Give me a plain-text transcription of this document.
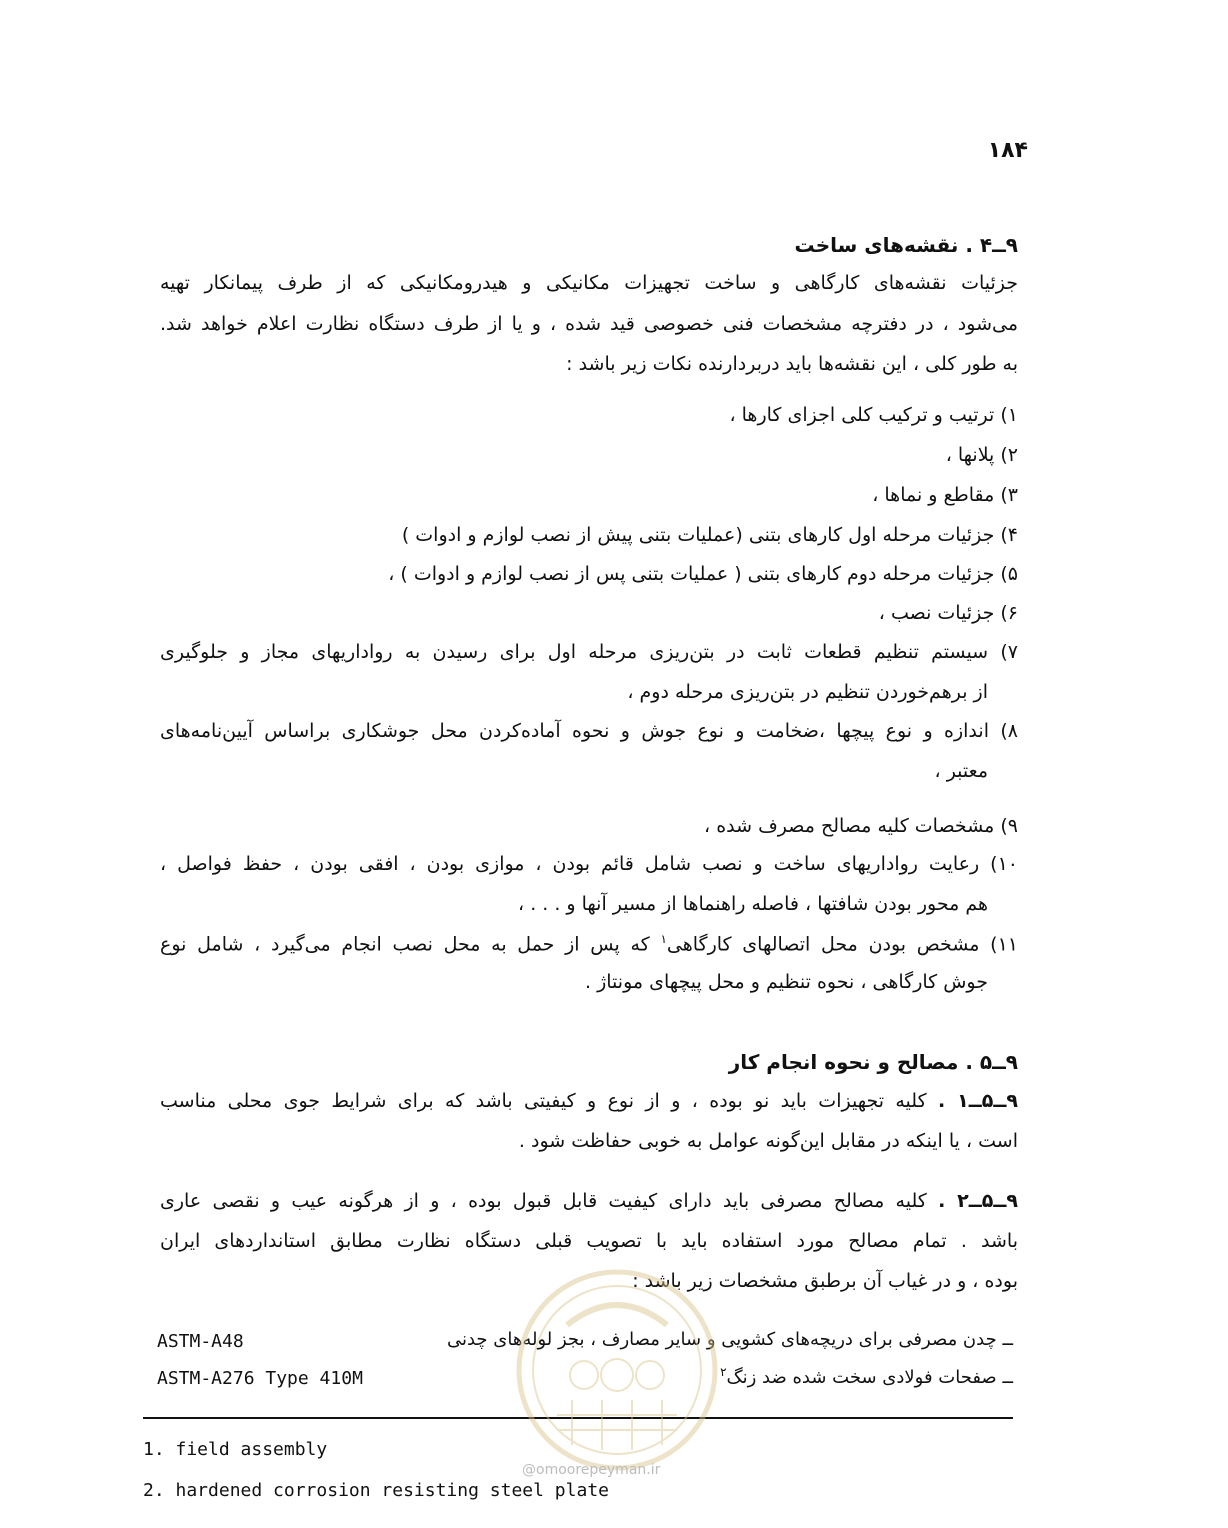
۱۸۴
۹ــ۴ . نقشه‌های ساخت
جزئیات نقشه‌های کارگاهی و ساخت تجهیزات مکانیکی و هیدرومکانیکی که از طرف پیمانکار تهیه
می‌شود ، در دفترچه مشخصات فنی خصوصی قید شده ، و یا از طرف دستگاه نظارت اعلام خواهد شد.
به طور کلی ، این نقشه‌ها باید دربردارنده نکات زیر باشد :
۱) ترتیب و ترکیب کلی اجزای کارها ،
۲) پلانها ،
۳) مقاطع و نماها ،
۴) جزئیات مرحله اول کارهای بتنی (عملیات بتنی پیش از نصب لوازم و ادوات )
۵) جزئیات مرحله دوم کارهای بتنی ( عملیات بتنی پس از نصب لوازم و ادوات ) ،
۶) جزئیات نصب ،
۷) سیستم تنظیم قطعات ثابت در بتن‌ریزی مرحله اول برای رسیدن به رواداریهای مجاز و جلوگیری
از برهم‌خوردن تنظیم در بتن‌ریزی مرحله دوم ،
۸) اندازه و نوع پیچها ،ضخامت و نوع جوش و نحوه آماده‌کردن محل جوشکاری براساس آیین‌نامه‌های
معتبر ،
۹) مشخصات کلیه مصالح مصرف شده ،
۱۰) رعایت رواداریهای ساخت و نصب شامل قائم بودن ، موازی بودن ، افقی بودن ، حفظ فواصل ،
هم محور بودن شافتها ، فاصله راهنماها از مسیر آنها و . . . ،
۱۱) مشخص بودن محل اتصالهای کارگاهی$^۱$ که پس از حمل به محل نصب انجام می‌گیرد ، شامل نوع
جوش کارگاهی ، نحوه تنظیم و محل پیچهای مونتاژ .
۹ــ۵ . مصالح و نحوه انجام کار
۹ــ۵ــ۱ . کلیه تجهیزات باید نو بوده ، و از نوع و کیفیتی باشد که برای شرایط جوی محلی مناسب
است ، یا اینکه در مقابل این‌گونه عوامل به خوبی حفاظت شود .
۹ــ۵ــ۲ . کلیه مصالح مصرفی باید دارای کیفیت قابل قبول بوده ، و از هرگونه عیب و نقصی عاری
باشد . تمام مصالح مورد استفاده باید با تصویب قبلی دستگاه نظارت مطابق استانداردهای ایران
بوده ، و در غیاب آن برطبق مشخصات زیر باشد :
ــ چدن مصرفی برای دریچه‌های کشویی و سایر مصارف ، بجز لوله‌های چدنی
ASTM-A48
ــ صفحات فولادی سخت شده ضد زنگ$^۲$
ASTM-A276 Type 410M
1. field assembly
2. hardened corrosion resisting steel plate
@omoorepeyman.ir
